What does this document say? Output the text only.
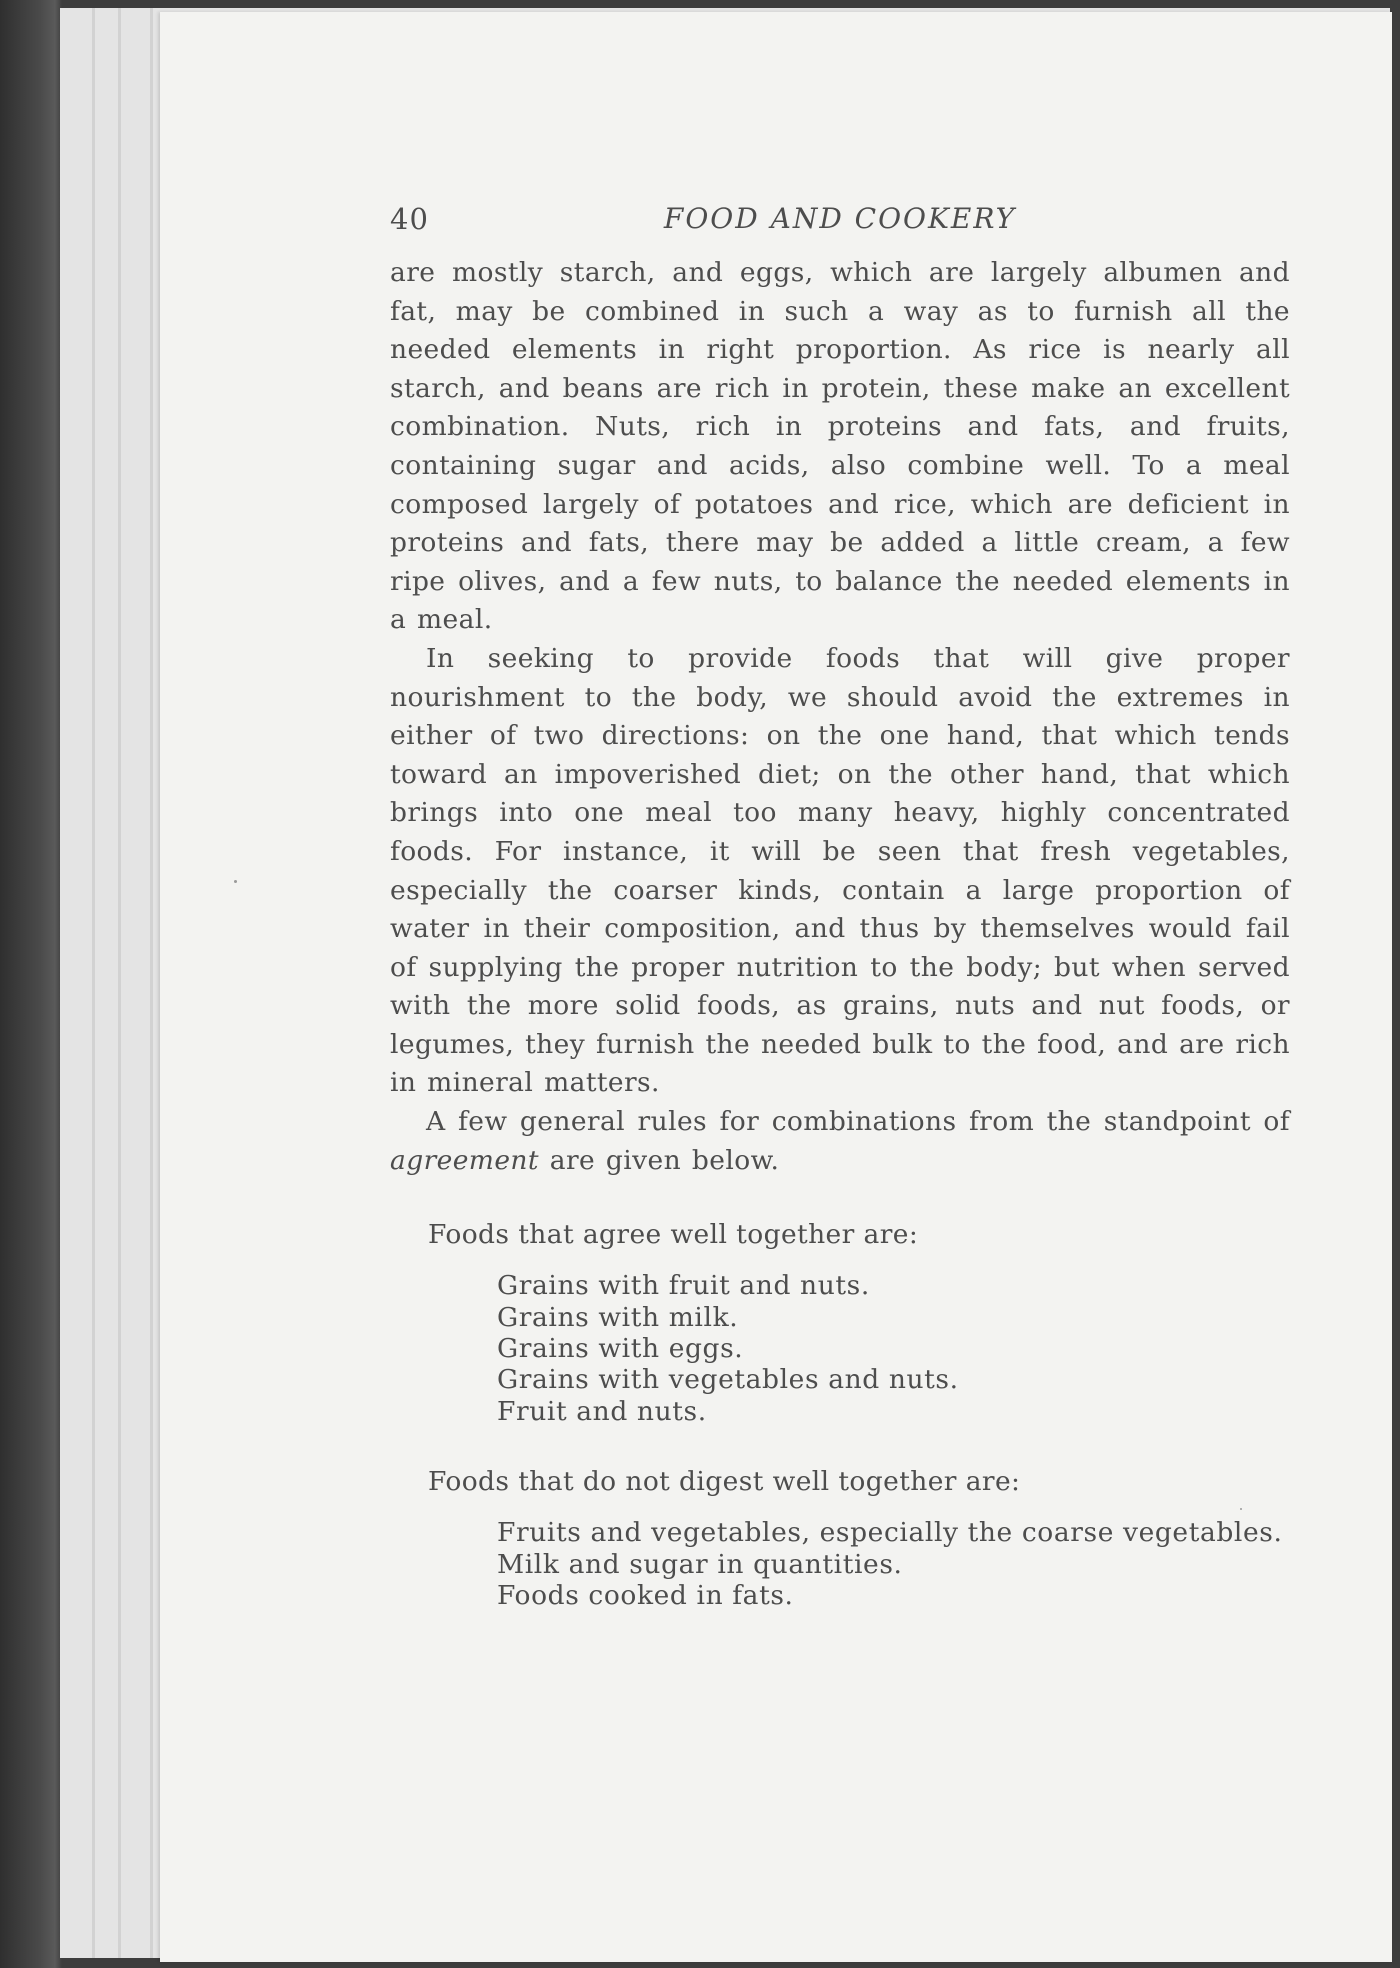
40	FOOD AND COOKERY

are mostly starch, and eggs, which are largely albumen and fat, may be combined in such a way as to furnish all the needed elements in right proportion. As rice is nearly all starch, and beans are rich in protein, these make an excellent combination. Nuts, rich in proteins and fats, and fruits, containing sugar and acids, also combine well. To a meal composed largely of potatoes and rice, which are deficient in proteins and fats, there may be added a little cream, a few ripe olives, and a few nuts, to balance the needed elements in a meal.

In seeking to provide foods that will give proper nourishment to the body, we should avoid the extremes in either of two directions: on the one hand, that which tends toward an impoverished diet; on the other hand, that which brings into one meal too many heavy, highly concentrated foods. For instance, it will be seen that fresh vegetables, especially the coarser kinds, contain a large proportion of water in their composition, and thus by themselves would fail of supplying the proper nutrition to the body; but when served with the more solid foods, as grains, nuts and nut foods, or legumes, they furnish the needed bulk to the food, and are rich in mineral matters.

A few general rules for combinations from the standpoint of agreement are given below.

Foods that agree well together are:

Grains with fruit and nuts.
Grains with milk.
Grains with eggs.
Grains with vegetables and nuts.
Fruit and nuts.

Foods that do not digest well together are:

Fruits and vegetables, especially the coarse vegetables.
Milk and sugar in quantities.
Foods cooked in fats.
